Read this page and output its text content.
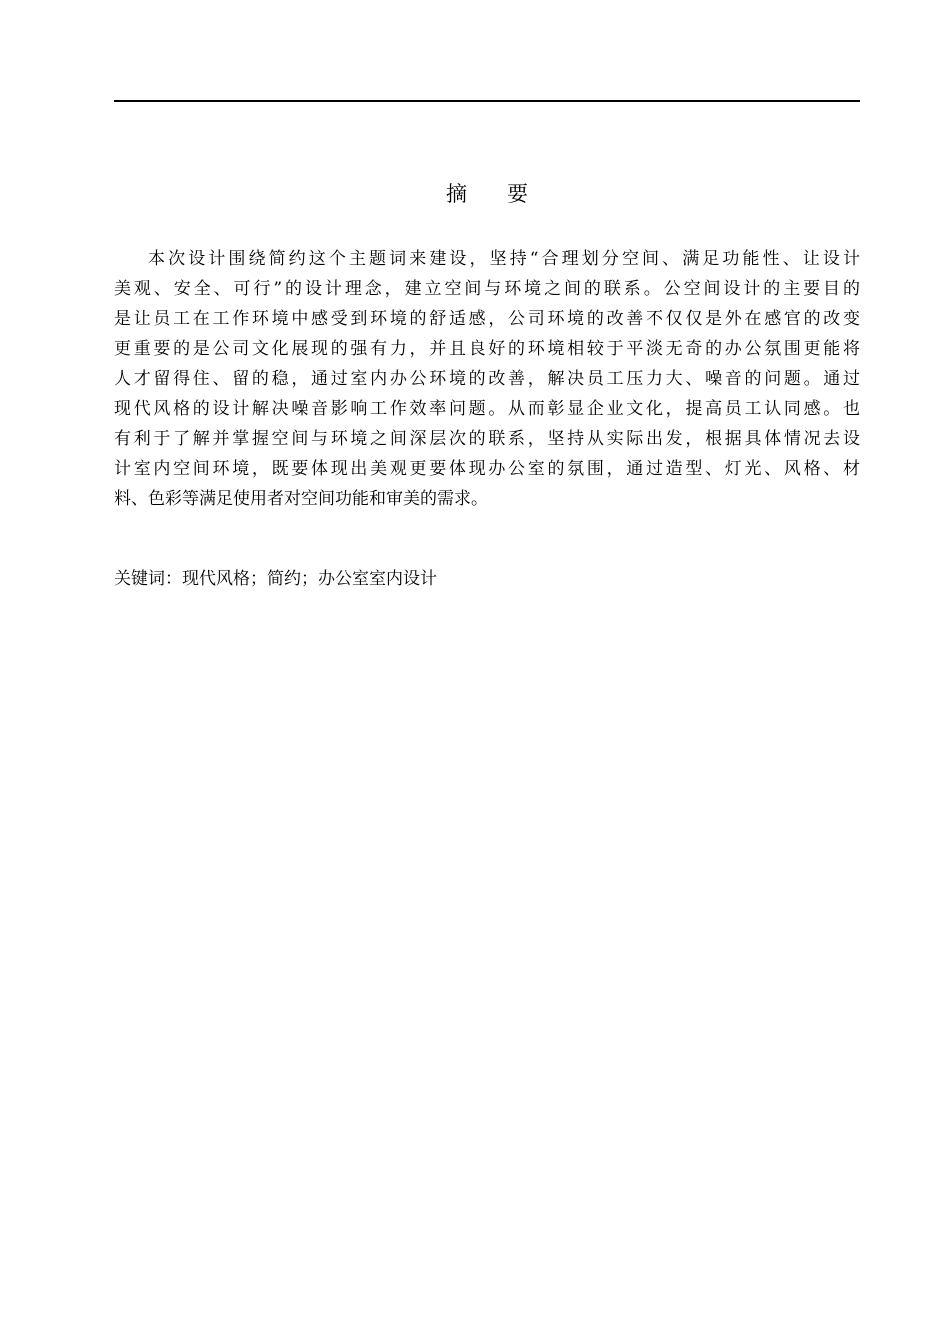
摘      要

本次设计围绕简约这个主题词来建设，坚持“合理划分空间、满足功能性、让设计
美观、安全、可行”的设计理念，建立空间与环境之间的联系。公空间设计的主要目的
是让员工在工作环境中感受到环境的舒适感，公司环境的改善不仅仅是外在感官的改变
更重要的是公司文化展现的强有力，并且良好的环境相较于平淡无奇的办公氛围更能将
人才留得住、留的稳，通过室内办公环境的改善，解决员工压力大、噪音的问题。通过
现代风格的设计解决噪音影响工作效率问题。从而彰显企业文化，提高员工认同感。也
有利于了解并掌握空间与环境之间深层次的联系，坚持从实际出发，根据具体情况去设
计室内空间环境，既要体现出美观更要体现办公室的氛围，通过造型、灯光、风格、材
料、色彩等满足使用者对空间功能和审美的需求。

关键词：现代风格；简约；办公室室内设计
